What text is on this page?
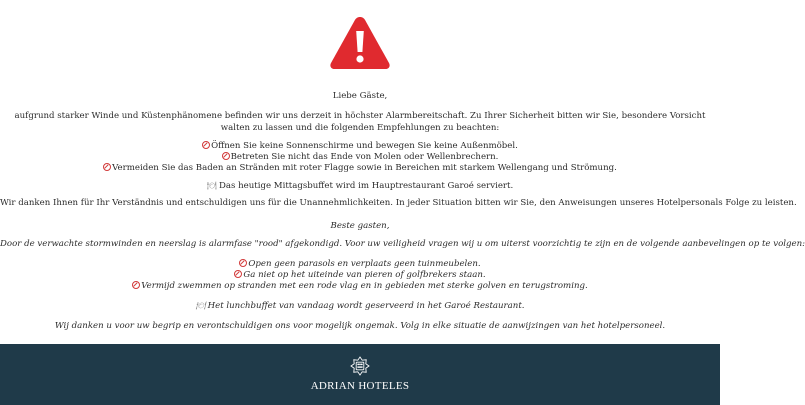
Liebe Gäste,
aufgrund starker Winde und Küstenphänomene befinden wir uns derzeit in höchster Alarmbereitschaft. Zu Ihrer Sicherheit bitten wir Sie, besondere Vorsicht walten zu lassen und die folgenden Empfehlungen zu beachten:
Öffnen Sie keine Sonnenschirme und bewegen Sie keine Außenmöbel.
Betreten Sie nicht das Ende von Molen oder Wellenbrechern.
Vermeiden Sie das Baden an Stränden mit roter Flagge sowie in Bereichen mit starkem Wellengang und Strömung.
🍽 Das heutige Mittagsbuffet wird im Hauptrestaurant Garoé serviert.
Wir danken Ihnen für Ihr Verständnis und entschuldigen uns für die Unannehmlichkeiten. In jeder Situation bitten wir Sie, den Anweisungen unseres Hotelpersonals Folge zu leisten.
Beste gasten,
Door de verwachte stormwinden en neerslag is alarmfase "rood" afgekondigd. Voor uw veiligheid vragen wij u om uiterst voorzichtig te zijn en de volgende aanbevelingen op te volgen:
Open geen parasols en verplaats geen tuinmeubelen.
Ga niet op het uiteinde van pieren of golfbrekers staan.
Vermijd zwemmen op stranden met een rode vlag en in gebieden met sterke golven en terugstroming.
🍽 Het lunchbuffet van vandaag wordt geserveerd in het Garoé Restaurant.
Wij danken u voor uw begrip en verontschuldigen ons voor mogelijk ongemak. Volg in elke situatie de aanwijzingen van het hotelpersoneel.
ADRIAN HOTELES
